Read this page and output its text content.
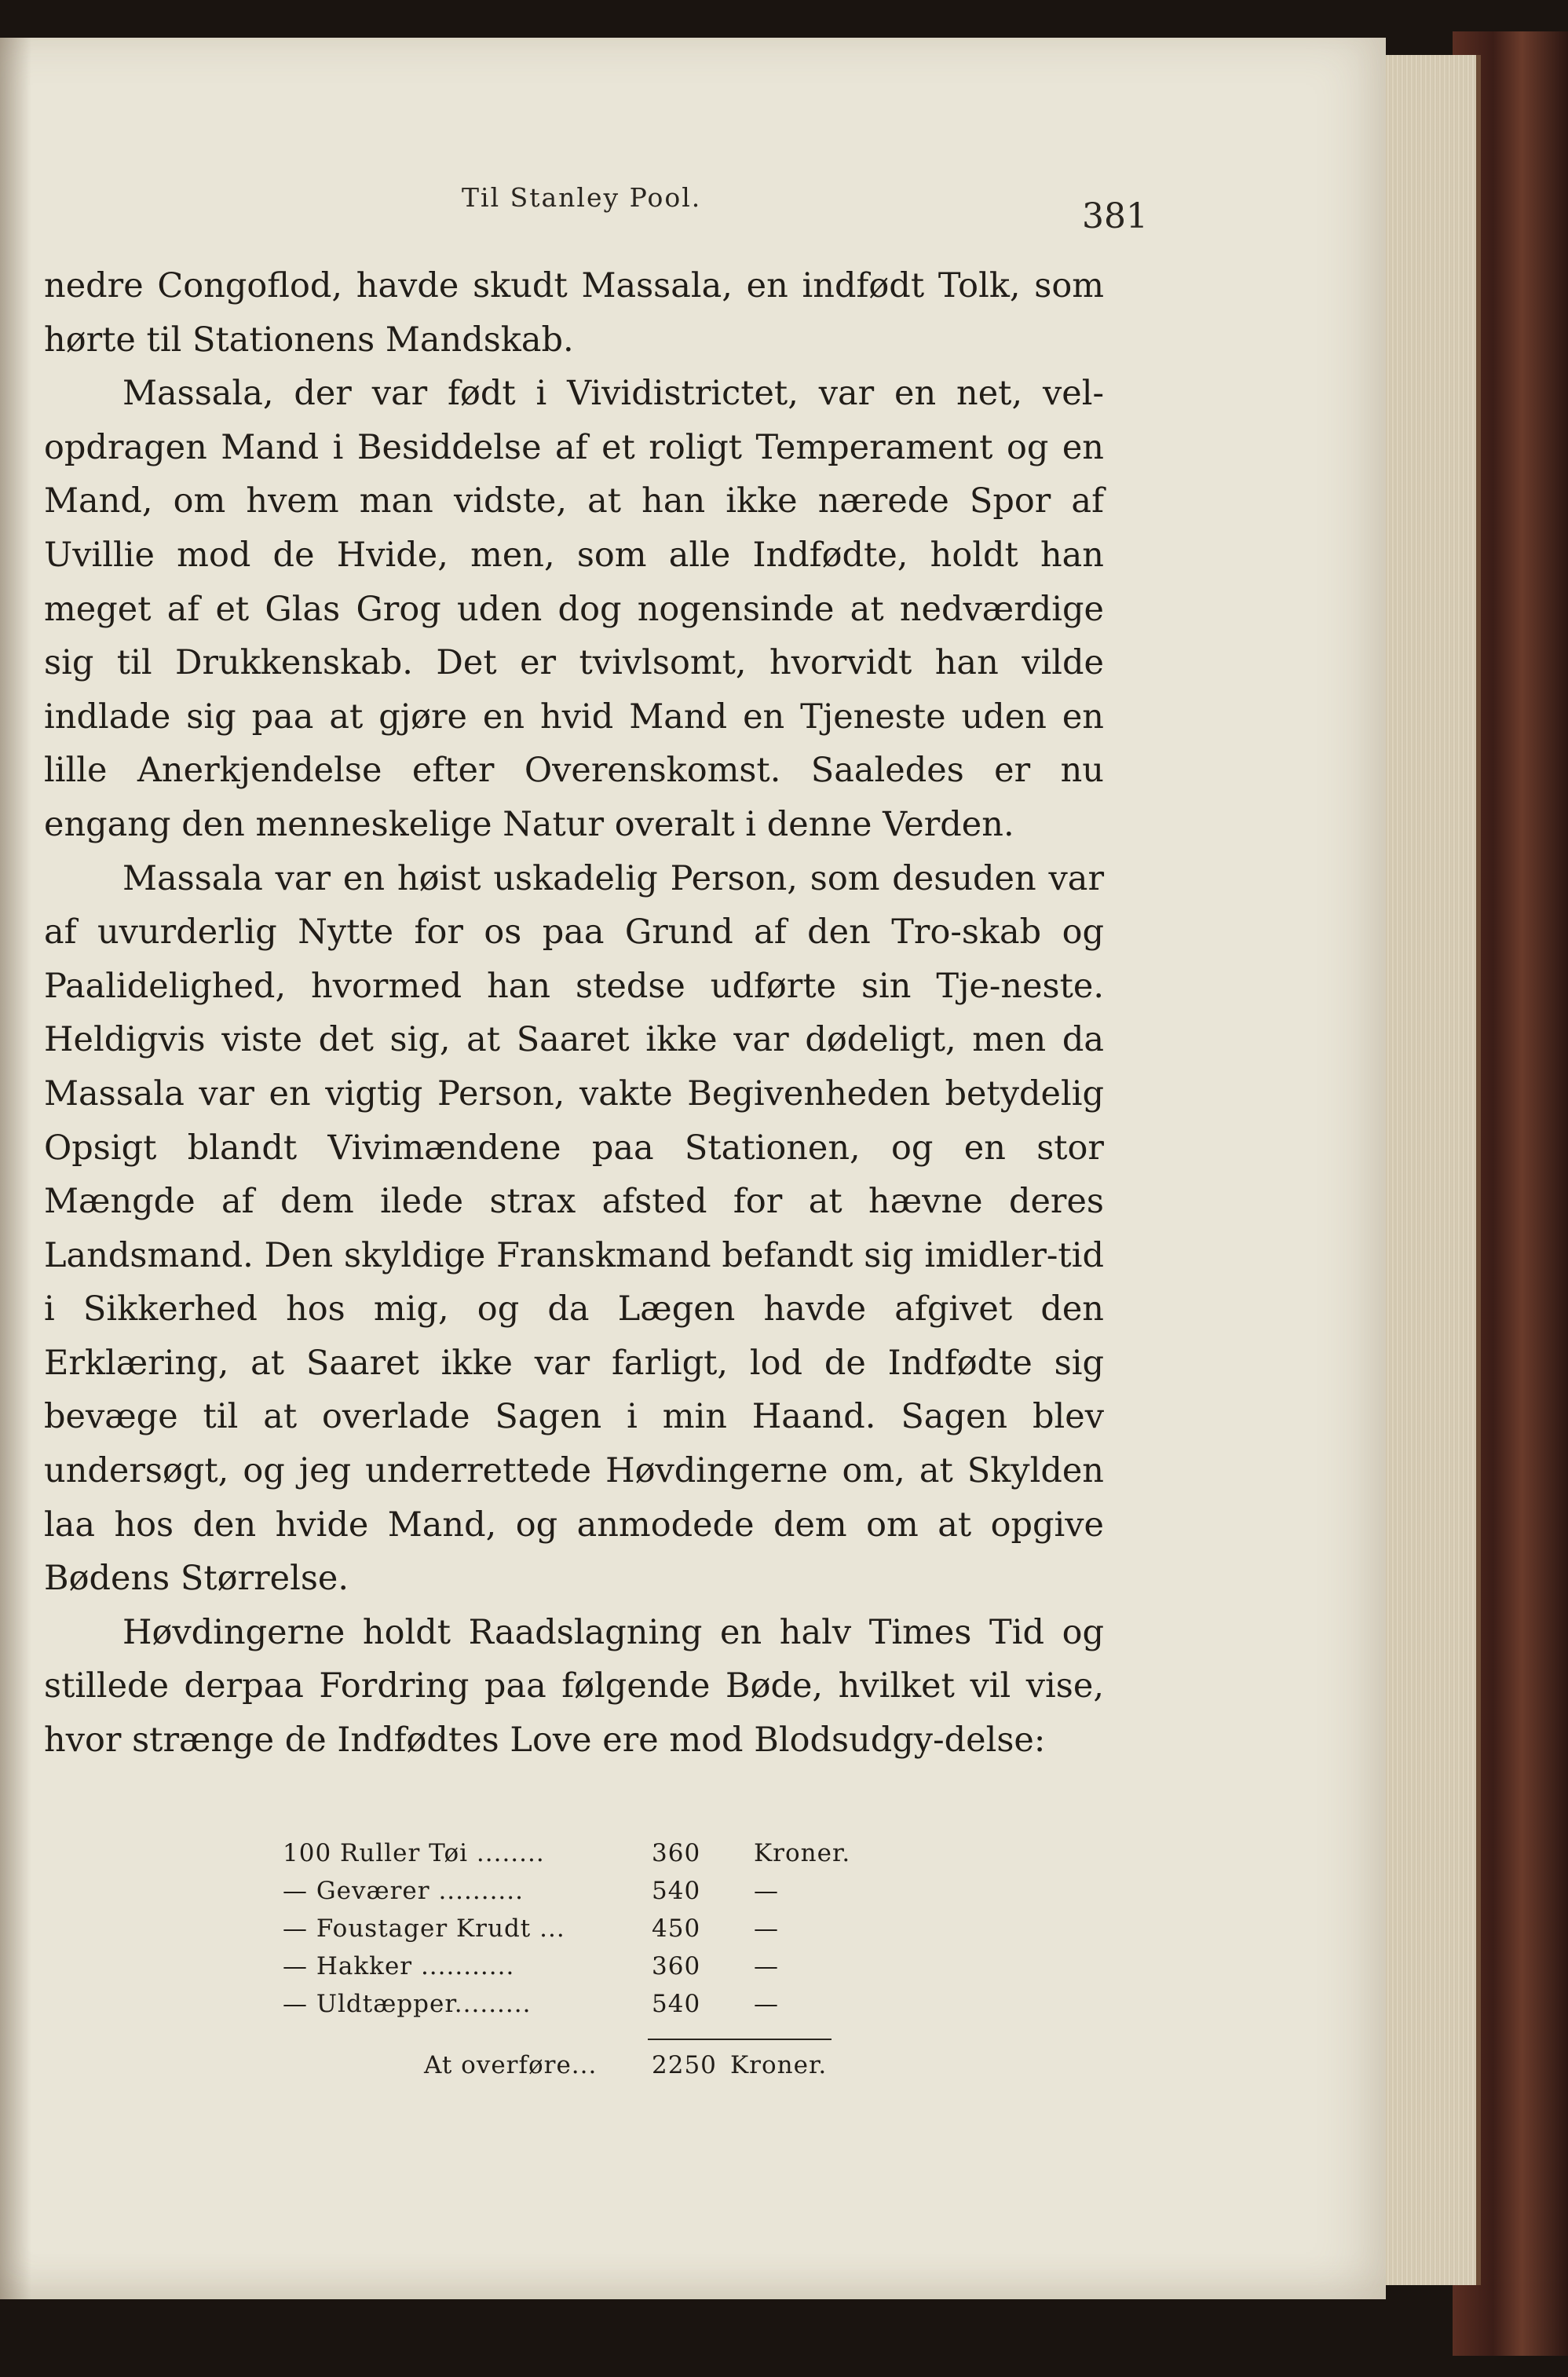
Til Stanley Pool.	381

nedre Congoflod, havde skudt Massala, en indfødt Tolk, som hørte til Stationens Mandskab.

Massala, der var født i Vividistrictet, var en net, vel-opdragen Mand i Besiddelse af et roligt Temperament og en Mand, om hvem man vidste, at han ikke nærede Spor af Uvillie mod de Hvide, men, som alle Indfødte, holdt han meget af et Glas Grog uden dog nogensinde at nedværdige sig til Drukkenskab. Det er tvivlsomt, hvorvidt han vilde indlade sig paa at gjøre en hvid Mand en Tjeneste uden en lille Anerkjendelse efter Overenskomst. Saaledes er nu engang den menneskelige Natur overalt i denne Verden.

Massala var en høist uskadelig Person, som desuden var af uvurderlig Nytte for os paa Grund af den Tro-skab og Paalidelighed, hvormed han stedse udførte sin Tje-neste. Heldigvis viste det sig, at Saaret ikke var dødeligt, men da Massala var en vigtig Person, vakte Begivenheden betydelig Opsigt blandt Vivimændene paa Stationen, og en stor Mængde af dem ilede strax afsted for at hævne deres Landsmand. Den skyldige Franskmand befandt sig imidler-tid i Sikkerhed hos mig, og da Lægen havde afgivet den Erklæring, at Saaret ikke var farligt, lod de Indfødte sig bevæge til at overlade Sagen i min Haand. Sagen blev undersøgt, og jeg underrettede Høvdingerne om, at Skylden laa hos den hvide Mand, og anmodede dem om at opgive Bødens Størrelse.

Høvdingerne holdt Raadslagning en halv Times Tid og stillede derpaa Fordring paa følgende Bøde, hvilket vil vise, hvor strænge de Indfødtes Love ere mod Blodsudgy-delse:

100 Ruller Tøi ........	360	Kroner.
— Geværer ..........	540	—
— Foustager Krudt ...	450	—
— Hakker ...........	360	—
— Uldtæpper.........	540	—
At overføre...	2250 Kroner.
